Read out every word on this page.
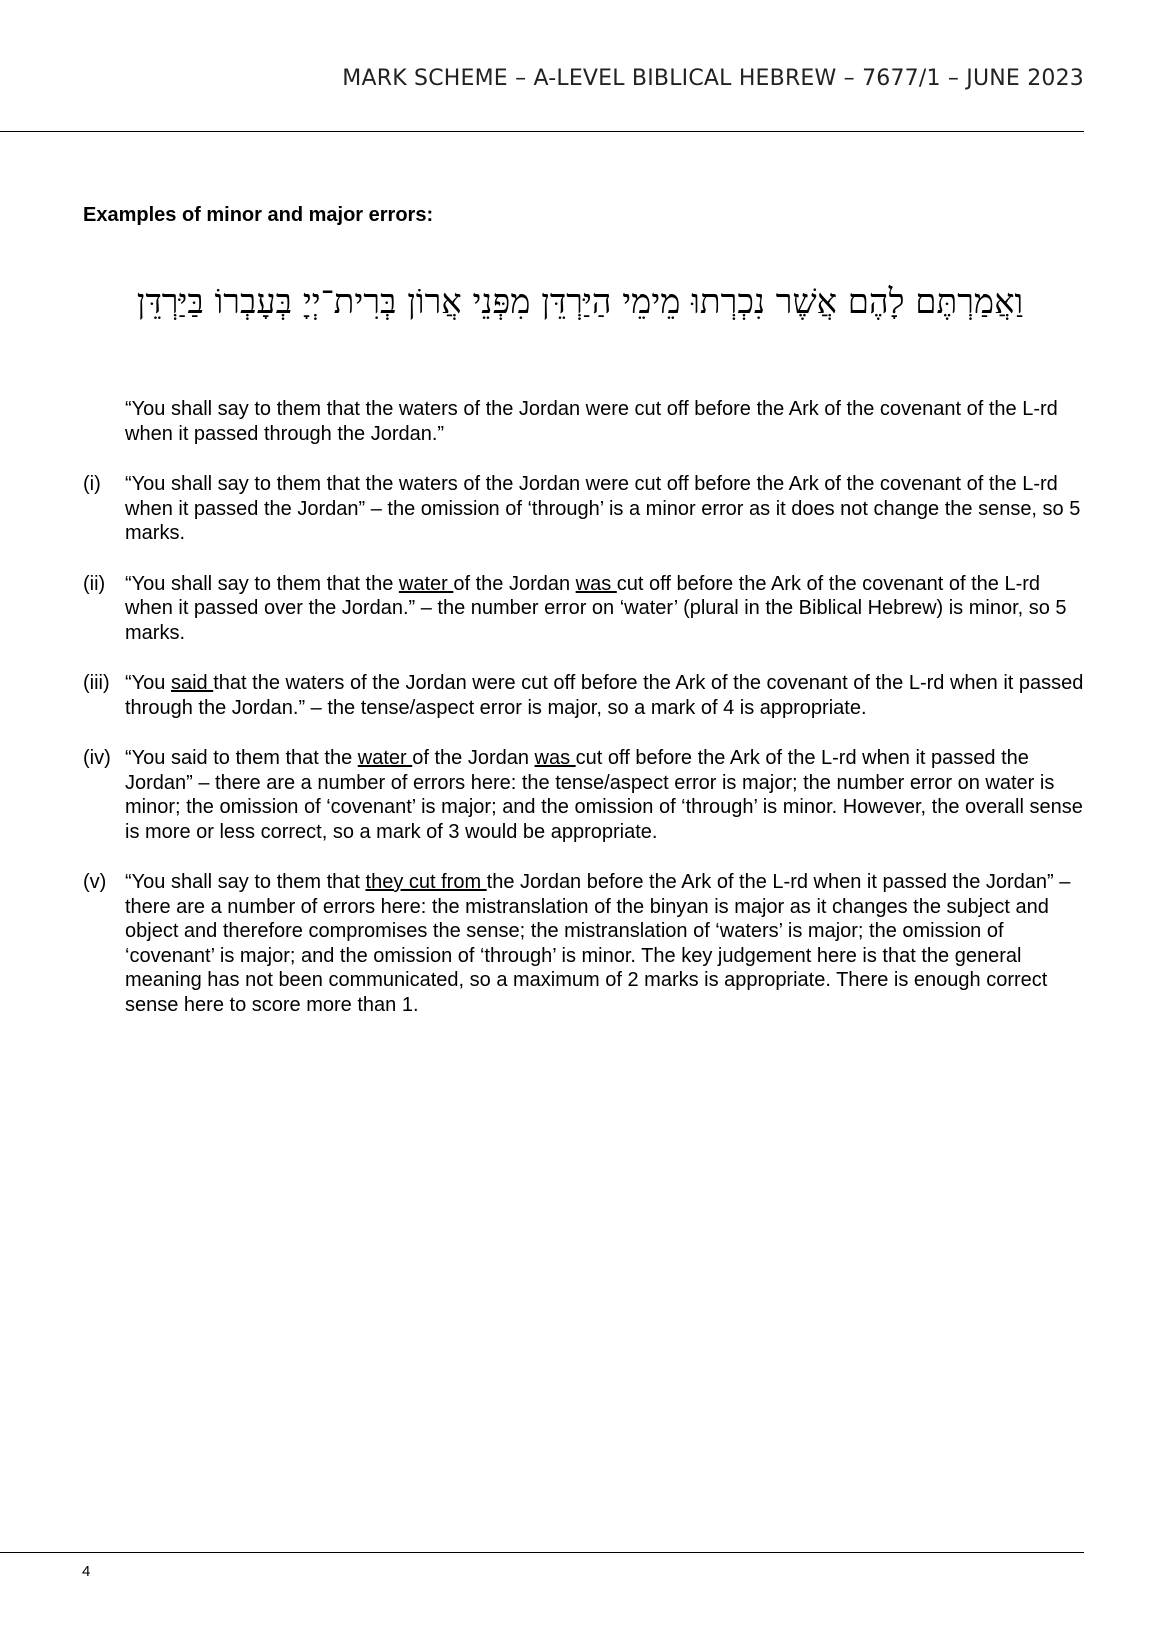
MARK SCHEME – A-LEVEL BIBLICAL HEBREW – 7677/1 – JUNE 2023
Examples of minor and major errors:
וַאֲמַרְתֶּם לָהֶם אֲשֶׁר נִכְרְתוּ מֵימֵי הַיַּרְדֵּן מִפְּנֵי אֲרוֹן בְּרִית־יְיָ בְּעָבְרוֹ בַּיַּרְדֵּן
“You shall say to them that the waters of the Jordan were cut off before the Ark of the covenant of the L-rd when it passed through the Jordan.”
(i)	“You shall say to them that the waters of the Jordan were cut off before the Ark of the covenant of the L-rd when it passed the Jordan” – the omission of ‘through’ is a minor error as it does not change the sense, so 5 marks.
(ii) “You shall say to them that the water of the Jordan was cut off before the Ark of the covenant of the L-rd when it passed over the Jordan.” – the number error on ‘water’ (plural in the Biblical Hebrew) is minor, so 5 marks.
(iii) “You said that the waters of the Jordan were cut off before the Ark of the covenant of the L-rd when it passed through the Jordan.” – the tense/aspect error is major, so a mark of 4 is appropriate.
(iv) “You said to them that the water of the Jordan was cut off before the Ark of the L-rd when it passed the Jordan” – there are a number of errors here: the tense/aspect error is major; the number error on water is minor; the omission of ‘covenant’ is major; and the omission of ‘through’ is minor. However, the overall sense is more or less correct, so a mark of 3 would be appropriate.
(v) “You shall say to them that they cut from the Jordan before the Ark of the L-rd when it passed the Jordan” – there are a number of errors here: the mistranslation of the binyan is major as it changes the subject and object and therefore compromises the sense; the mistranslation of ‘waters’ is major; the omission of ‘covenant’ is major; and the omission of ‘through’ is minor. The key judgement here is that the general meaning has not been communicated, so a maximum of 2 marks is appropriate. There is enough correct sense here to score more than 1.
4
